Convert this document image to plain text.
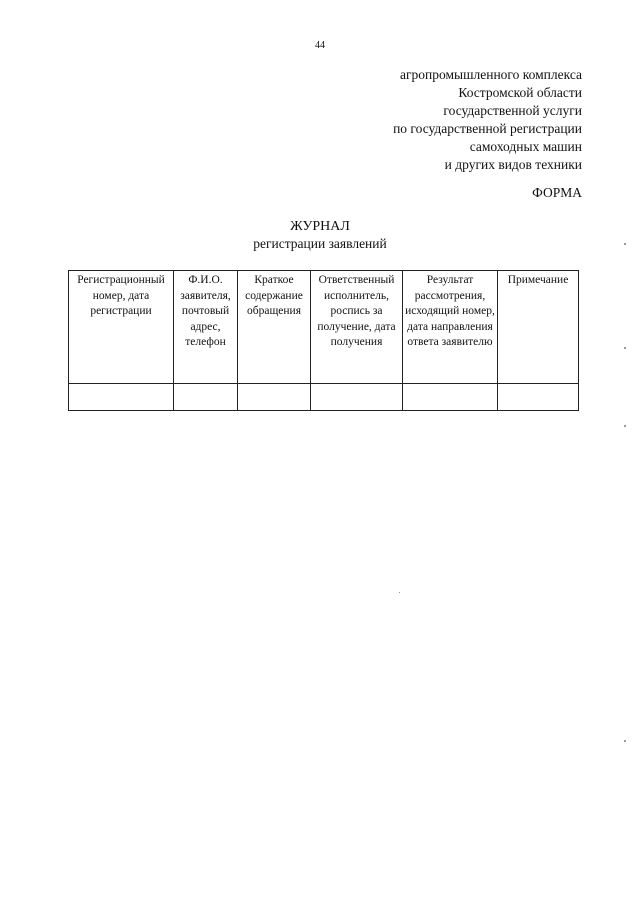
44
агропромышленного комплекса
Костромской области
государственной услуги
по государственной регистрации
самоходных машин
и других видов техники
ФОРМА
ЖУРНАЛ
регистрации заявлений
Регистрационный номер, дата регистрации	Ф.И.О. заявителя, почтовый адрес, телефон	Краткое содержание обращения	Ответственный исполнитель, роспись за получение, дата получения	Результат рассмотрения, исходящий номер, дата направления ответа заявителю	Примечание
